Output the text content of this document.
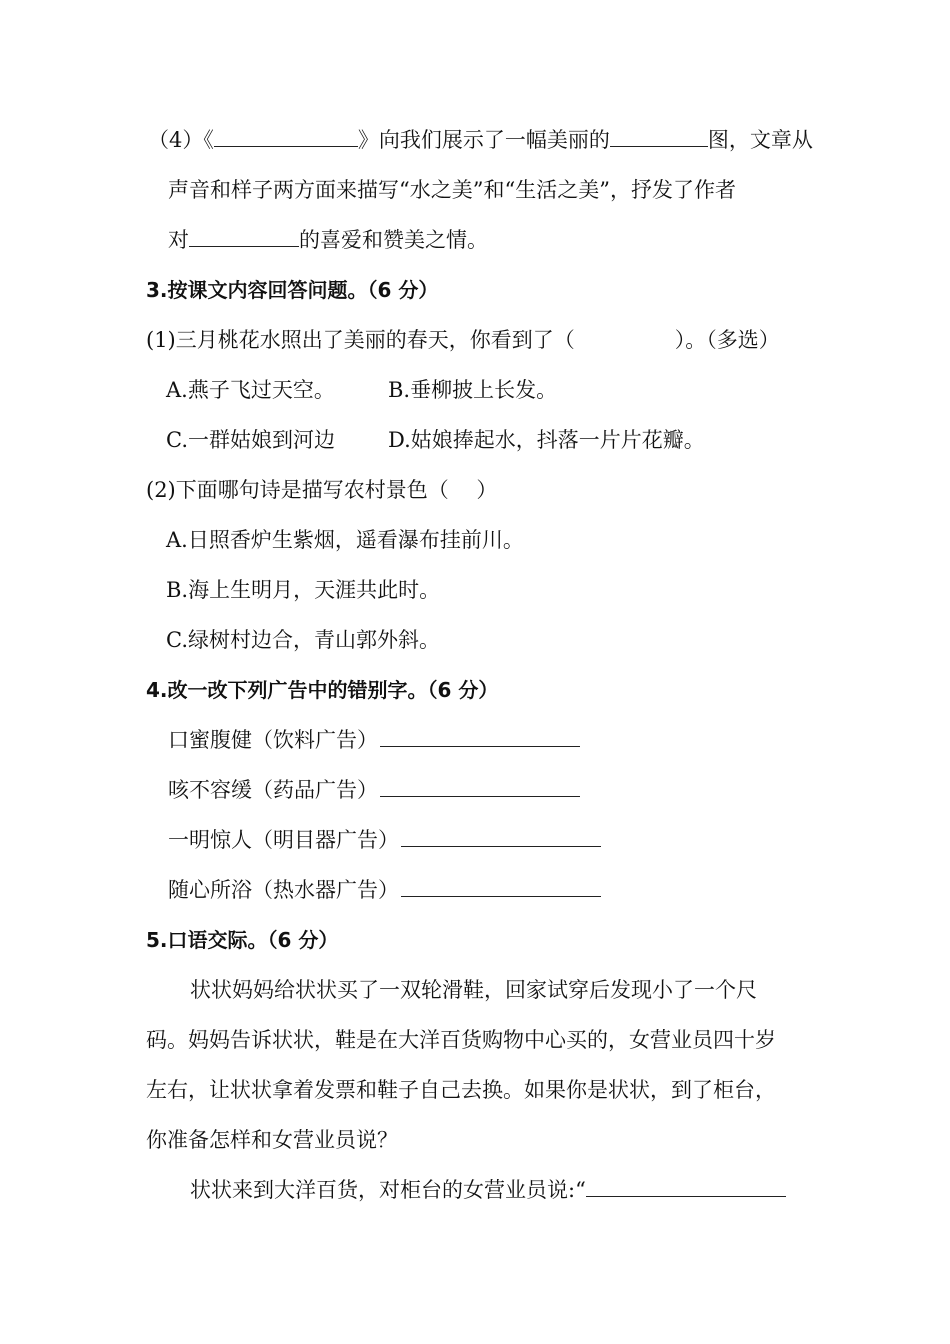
（4）《	》向我们展示了一幅美丽的	图，文章从
声音和样子两方面来描写“水之美”和“生活之美”，抒发了作者
对	的喜爱和赞美之情。
3.按课文内容回答问题。（6 分）
(1)三月桃花水照出了美丽的春天，你看到了（	）。（多选）
A.燕子飞过天空。	B.垂柳披上长发。
C.一群姑娘到河边	D.姑娘捧起水，抖落一片片花瓣。
(2)下面哪句诗是描写农村景色（　 ）
A.日照香炉生紫烟，遥看瀑布挂前川。
B.海上生明月，天涯共此时。
C.绿树村边合，青山郭外斜。
4.改一改下列广告中的错别字。（6 分）
口蜜腹健（饮料广告）
咳不容缓（药品广告）
一明惊人（明目器广告）
随心所浴（热水器广告）
5.口语交际。（6 分）
状状妈妈给状状买了一双轮滑鞋，回家试穿后发现小了一个尺
码。妈妈告诉状状，鞋是在大洋百货购物中心买的，女营业员四十岁
左右，让状状拿着发票和鞋子自己去换。如果你是状状，到了柜台，
你准备怎样和女营业员说？
状状来到大洋百货，对柜台的女营业员说:“
